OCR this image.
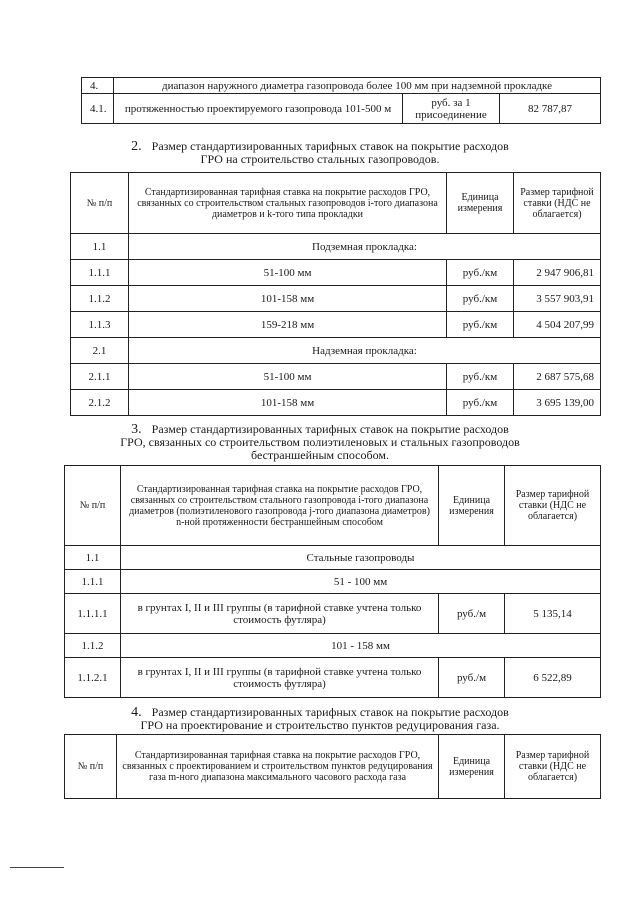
4.	диапазон наружного диаметра газопровода более 100 мм при надземной прокладке		
4.1.	протяженностью проектируемого газопровода 101-500 м	руб. за 1 присоединение	82 787,87
2. Размер стандартизированных тарифных ставок на покрытие расходов
ГРО на строительство стальных газопроводов.
№ п/п	Стандартизированная тарифная ставка на покрытие расходов ГРО, связанных со строительством стальных газопроводов i-того диапазона диаметров и k-того типа прокладки	Единица измерения	Размер тарифной ставки (НДС не облагается)
1.1	Подземная прокладка:		
1.1.1	51-100 мм	руб./км	2 947 906,81
1.1.2	101-158 мм	руб./км	3 557 903,91
1.1.3	159-218 мм	руб./км	4 504 207,99
2.1	Надземная прокладка:		
2.1.1	51-100 мм	руб./км	2 687 575,68
2.1.2	101-158 мм	руб./км	3 695 139,00
3. Размер стандартизированных тарифных ставок на покрытие расходов
ГРО, связанных со строительством полиэтиленовых и стальных газопроводов
бестраншейным способом.
№ п/п	Стандартизированная тарифная ставка на покрытие расходов ГРО, связанных со строительством стального газопровода i-того диапазона диаметров (полиэтиленового газопровода j-того диапазона диаметров) n-ной протяженности бестраншейным способом	Единица измерения	Размер тарифной ставки (НДС не облагается)
1.1	Стальные газопроводы		
1.1.1	51 - 100 мм		
1.1.1.1	в грунтах I, II и III группы (в тарифной ставке учтена только стоимость футляра)	руб./м	5 135,14
1.1.2	101 - 158 мм		
1.1.2.1	в грунтах I, II и III группы (в тарифной ставке учтена только стоимость футляра)	руб./м	6 522,89
4. Размер стандартизированных тарифных ставок на покрытие расходов
ГРО на проектирование и строительство пунктов редуцирования газа.
№ п/п	Стандартизированная тарифная ставка на покрытие расходов ГРО, связанных с проектированием и строительством пунктов редуцирования газа m-ного диапазона максимального часового расхода газа	Единица измерения	Размер тарифной ставки (НДС не облагается)
